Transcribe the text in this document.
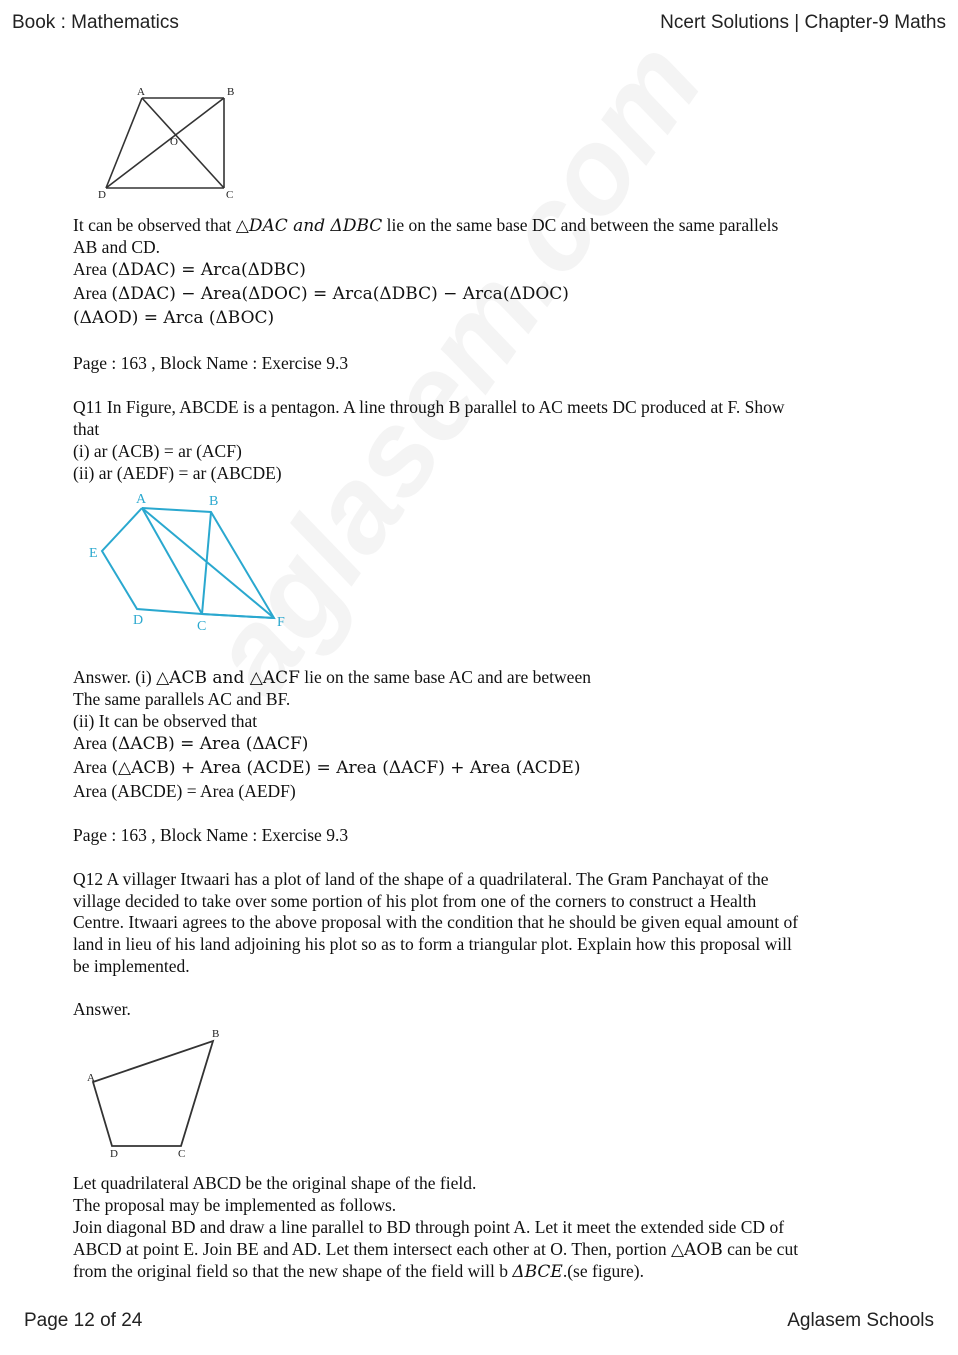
Book : Mathematics	Ncert Solutions | Chapter-9 Maths
A	B
O
D	C
It can be observed that △DAC and ΔDBC lie on the same base DC and between the same parallels
AB and CD.
Area (ΔDAC) = Arca(ΔDBC)
Area (ΔDAC) − Area(ΔDOC) = Arca(ΔDBC) − Arca(ΔDOC)
(ΔAOD) = Arca (ΔBOC)
Page : 163 , Block Name : Exercise 9.3
Q11 In Figure, ABCDE is a pentagon. A line through B parallel to AC meets DC produced at F. Show
that
(i) ar (ACB) = ar (ACF)
(ii) ar (AEDF) = ar (ABCDE)
A	B
E
D	C	F
Answer. (i) △ACB and △ACF lie on the same base AC and are between
The same parallels AC and BF.
(ii) It can be observed that
Area (ΔACB) = Area (ΔACF)
Area (△ACB) + Area (ACDE) = Area (ΔACF) + Area (ACDE)
Area (ABCDE) = Area (AEDF)
Page : 163 , Block Name : Exercise 9.3
Q12 A villager Itwaari has a plot of land of the shape of a quadrilateral. The Gram Panchayat of the
village decided to take over some portion of his plot from one of the corners to construct a Health
Centre. Itwaari agrees to the above proposal with the condition that he should be given equal amount of
land in lieu of his land adjoining his plot so as to form a triangular plot. Explain how this proposal will
be implemented.
Answer.
B
A
D	C
Let quadrilateral ABCD be the original shape of the field.
The proposal may be implemented as follows.
Join diagonal BD and draw a line parallel to BD through point A. Let it meet the extended side CD of
ABCD at point E. Join BE and AD. Let them intersect each other at O. Then, portion △AOB can be cut
from the original field so that the new shape of the field will b ΔBCE.(se figure).
Page 12 of 24	Aglasem Schools
